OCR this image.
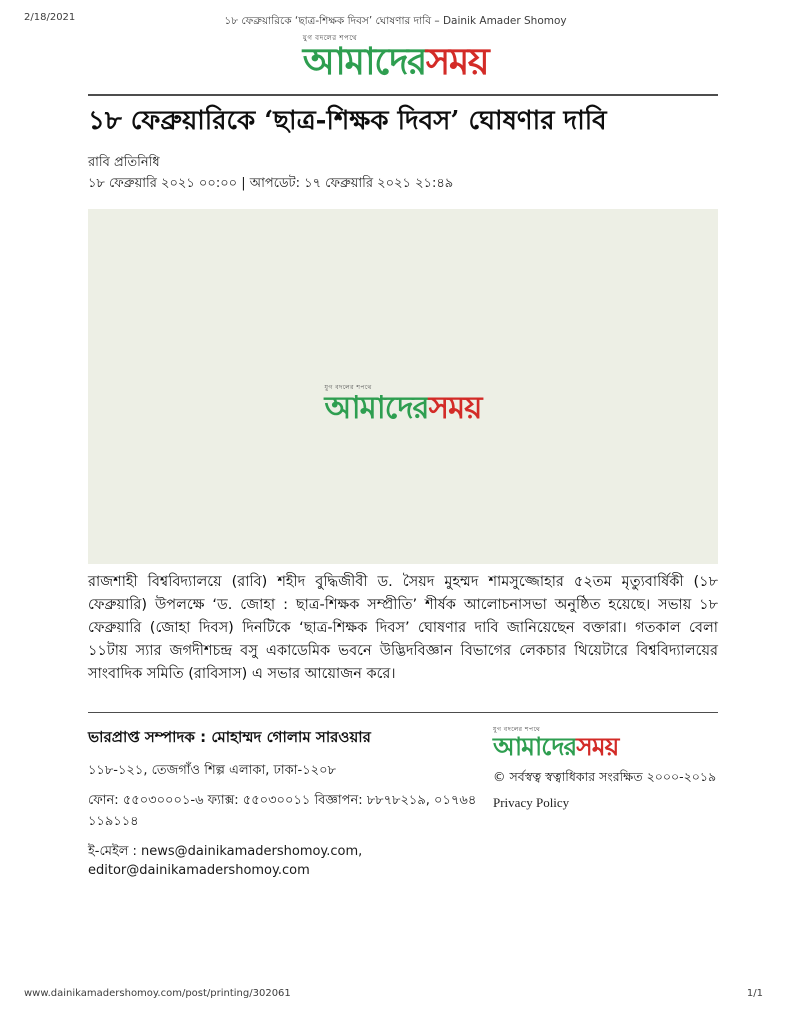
2/18/2021	১৮ ফেব্রুয়ারিকে ‘ছাত্র-শিক্ষক দিবস’ ঘোষণার দাবি – Dainik Amader Shomoy
যুগ বদলের শপথে
আমাদেরসময়
১৮ ফেব্রুয়ারিকে ‘ছাত্র-শিক্ষক দিবস’ ঘোষণার দাবি
রাবি প্রতিনিধি
১৮ ফেব্রুয়ারি ২০২১ ০০:০০ | আপডেট: ১৭ ফেব্রুয়ারি ২০২১ ২১:৪৯
যুগ বদলের শপথে
আমাদেরসময়

রাজশাহী বিশ্ববিদ্যালয়ে (রাবি) শহীদ বুদ্ধিজীবী ড. সৈয়দ মুহম্মদ শামসুজ্জোহার ৫২তম মৃত্যুবার্ষিকী (১৮ ফেব্রুয়ারি) উপলক্ষে ‘ড. জোহা : ছাত্র-শিক্ষক সম্প্রীতি’ শীর্ষক আলোচনাসভা অনুষ্ঠিত হয়েছে। সভায় ১৮ ফেব্রুয়ারি (জোহা দিবস) দিনটিকে ‘ছাত্র-শিক্ষক দিবস’ ঘোষণার দাবি জানিয়েছেন বক্তারা। গতকাল বেলা ১১টায় স্যার জগদীশচন্দ্র বসু একাডেমিক ভবনে উদ্ভিদবিজ্ঞান বিভাগের লেকচার থিয়েটারে বিশ্ববিদ্যালয়ের সাংবাদিক সমিতি (রাবিসাস) এ সভার আয়োজন করে।

ভারপ্রাপ্ত সম্পাদক : মোহাম্মদ গোলাম সারওয়ার
১১৮-১২১, তেজগাঁও শিল্প এলাকা, ঢাকা-১২০৮
ফোন: ৫৫০৩০০০১-৬ ফ্যাক্স: ৫৫০৩০০১১ বিজ্ঞাপন: ৮৮৭৮২১৯, ০১৭৬৪ ১১৯১১৪
ই-মেইল : news@dainikamadershomoy.com, editor@dainikamadershomoy.com
যুগ বদলের শপথে
আমাদেরসময়
© সর্বস্বত্ব স্বত্বাধিকার সংরক্ষিত ২০০০-২০১৯
Privacy Policy
www.dainikamadershomoy.com/post/printing/302061	1/1
